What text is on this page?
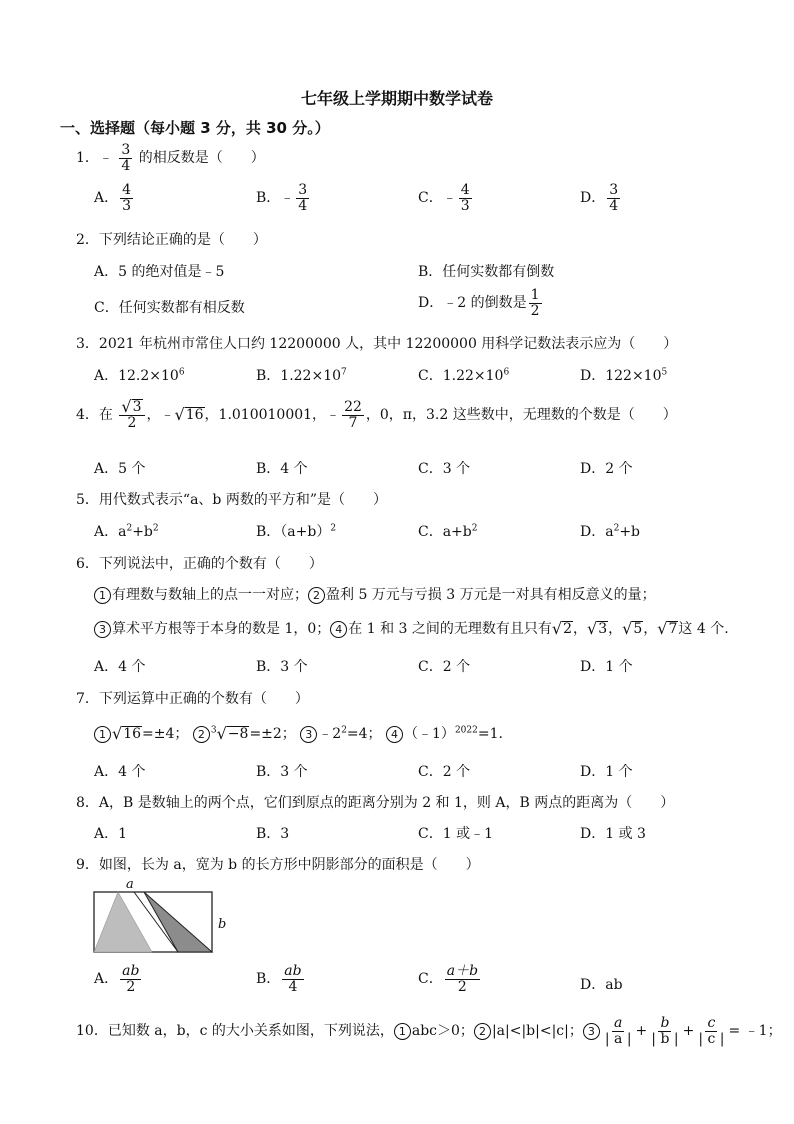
七年级上学期期中数学试卷
一、选择题（每小题 3 分，共 30 分。）
1．﹣ $\frac{3}{4}$ 的相反数是（　　）
A． $\frac{4}{3}$	B．﹣ $\frac{3}{4}$	C．﹣ $\frac{4}{3}$	D． $\frac{3}{4}$
2．下列结论正确的是（　　）
A．5 的绝对值是﹣5	B．任何实数都有倒数
C．任何实数都有相反数	D．﹣2 的倒数是 $\frac{1}{2}$
3．2021 年杭州市常住人口约 12200000 人，其中 12200000 用科学记数法表示应为（　　）
A．$12.2\times 10^6$	B．$1.22\times 10^7$	C．$1.22\times 10^6$	D．$122\times 10^5$
4．在 $\frac{√ 3}{2}$ ，﹣ √ 16 ，1.010010001，﹣ $\frac{22}{7}$ ，0，π，3.2 这些数中，无理数的个数是（　　）
A．5 个	B．4 个	C．3 个	D．2 个
5．用代数式表示“a、b 两数的平方和”是（　　）
A．$a^2+b^2$	B．$(a+b)^2$	C．$a+b^2$	D．$a^2+b$
6．下列说法中，正确的个数有（　　）
1 有理数与数轴上的点一一对应； 2 盈利 5 万元与亏损 3 万元是一对具有相反意义的量；
3 算术平方根等于本身的数是 1，0； 4 在 1 和 3 之间的无理数有且只有 √ 2 ， √ 3 ， √ 5 ， √ 7 这 4 个.
A．4 个	B．3 个	C．2 个	D．1 个
7．下列运算中正确的个数有（　　）
1 √ 16 =±4； 2 $^3$ √ −8 =±2； 3 $﹣2^2=4$； 4 （﹣1）$^{2022}$=1.
A．4 个	B．3 个	C．2 个	D．1 个
8．A，B 是数轴上的两个点，它们到原点的距离分别为 2 和 1，则 A，B 两点的距离为（　　）
A．1	B．3	C．1 或﹣1	D．1 或 3
9．如图，长为 a，宽为 b 的长方形中阴影部分的面积是（　　）
a
b
A． $\frac{ab}{2}$	B． $\frac{ab}{4}$	C． $\frac{a+b}{2}$	D．ab
10．已知数 a，b，c 的大小关系如图，下列说法， 1 abc＞0； 2 |a|<|b|<|c|； $3 \frac{a}{| a |} + \frac{b}{| b |} + \frac{c}{| c |}$ = ﹣1；
